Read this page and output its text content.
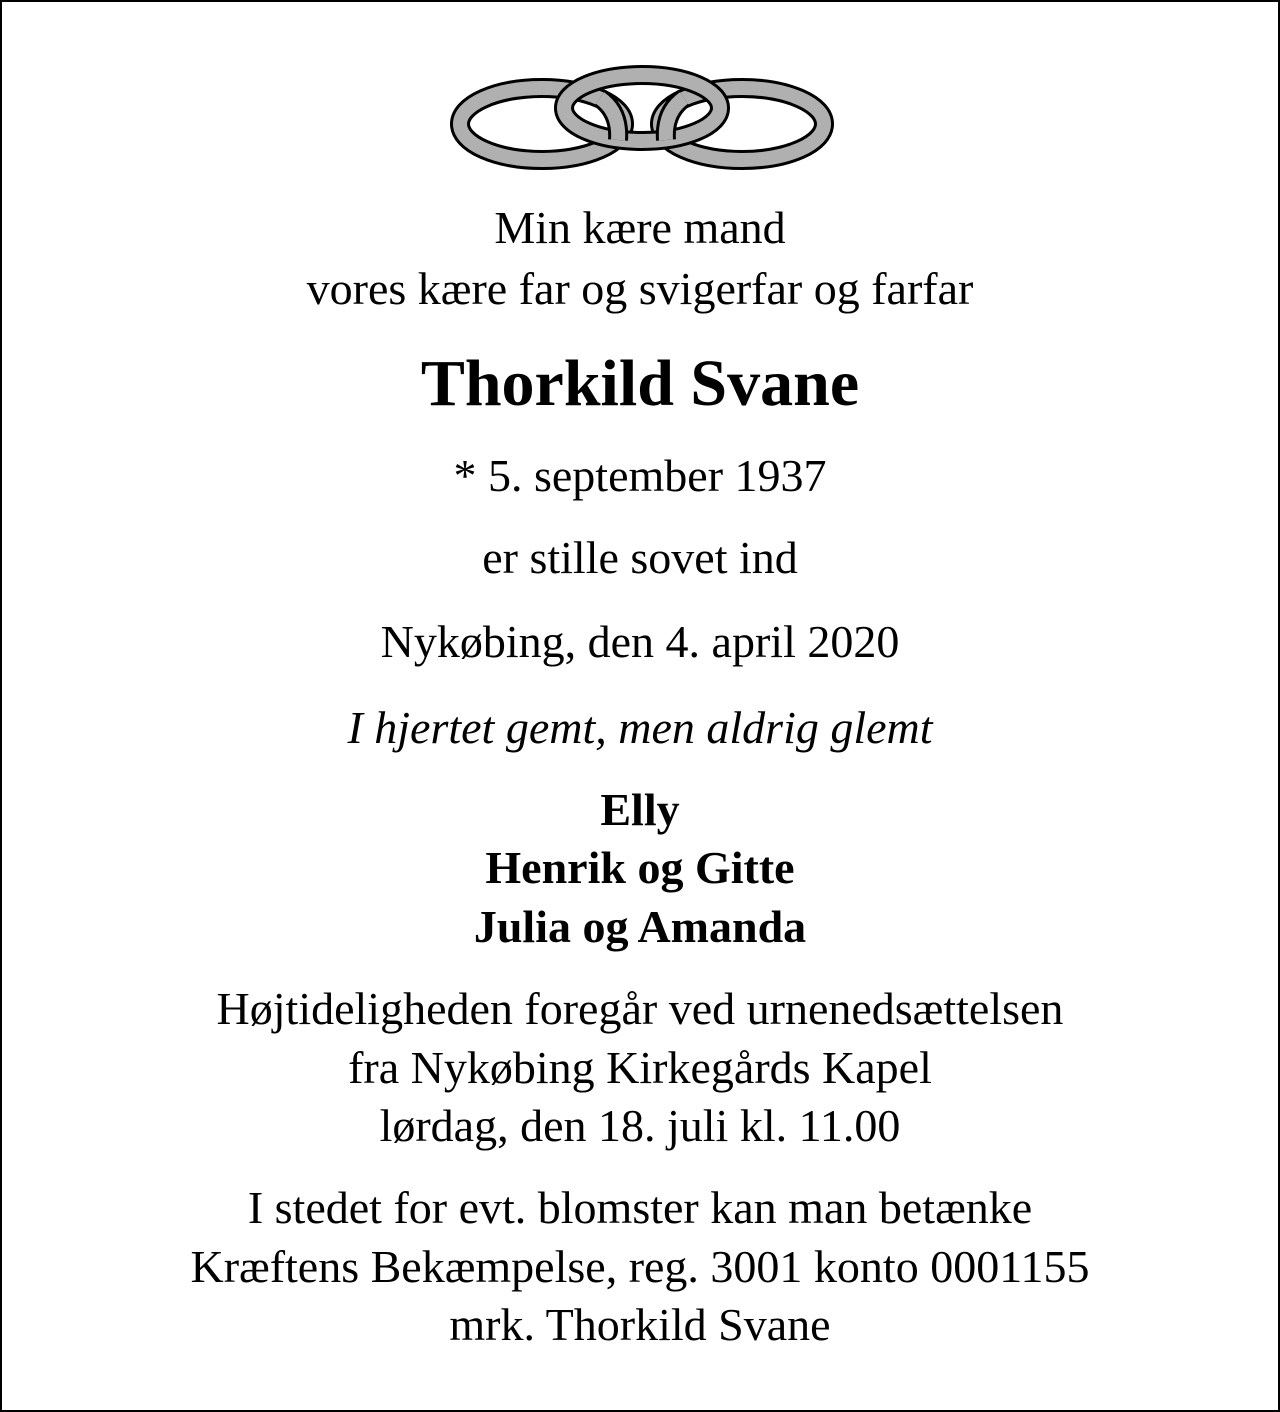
Min kære mand
vores kære far og svigerfar og farfar
Thorkild Svane
* 5. september 1937
er stille sovet ind
Nykøbing, den 4. april 2020
I hjertet gemt, men aldrig glemt
Elly
Henrik og Gitte
Julia og Amanda
Højtideligheden foregår ved urnenedsættelsen
fra Nykøbing Kirkegårds Kapel
lørdag, den 18. juli kl. 11.00
I stedet for evt. blomster kan man betænke
Kræftens Bekæmpelse, reg. 3001 konto 0001155
mrk. Thorkild Svane
